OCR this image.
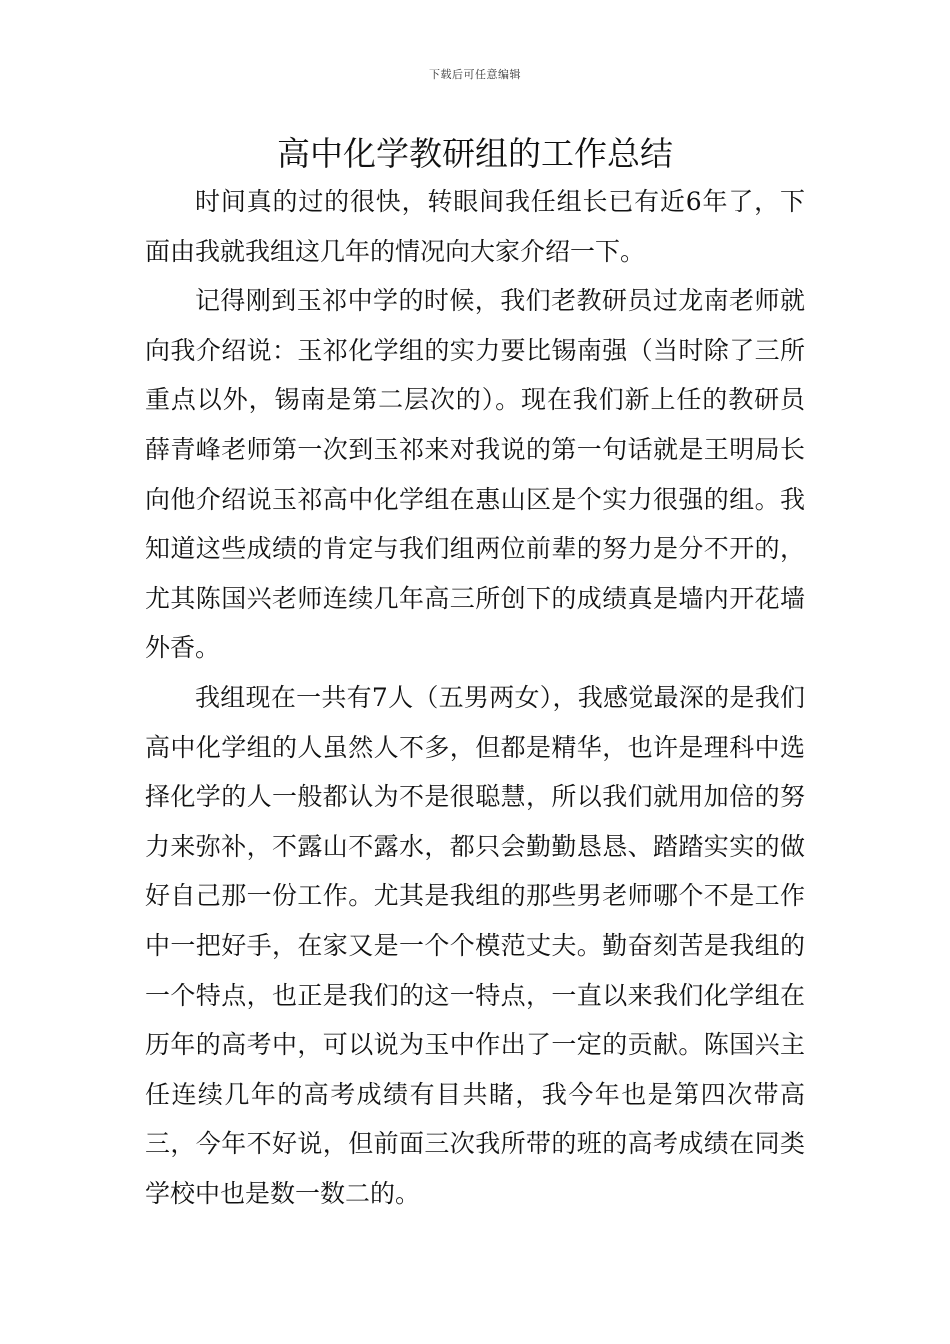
下载后可任意编辑
高中化学教研组的工作总结

时间真的过的很快，转眼间我任组长已有近6年了，下面由我就我组这几年的情况向大家介绍一下。

记得刚到玉祁中学的时候，我们老教研员过龙南老师就向我介绍说：玉祁化学组的实力要比锡南强（当时除了三所重点以外，锡南是第二层次的）。现在我们新上任的教研员薛青峰老师第一次到玉祁来对我说的第一句话就是王明局长向他介绍说玉祁高中化学组在惠山区是个实力很强的组。我知道这些成绩的肯定与我们组两位前辈的努力是分不开的，尤其陈国兴老师连续几年高三所创下的成绩真是墙内开花墙外香。

我组现在一共有7人（五男两女），我感觉最深的是我们高中化学组的人虽然人不多，但都是精华，也许是理科中选择化学的人一般都认为不是很聪慧，所以我们就用加倍的努力来弥补，不露山不露水，都只会勤勤恳恳、踏踏实实的做好自己那一份工作。尤其是我组的那些男老师哪个不是工作中一把好手，在家又是一个个模范丈夫。勤奋刻苦是我组的一个特点，也正是我们的这一特点，一直以来我们化学组在历年的高考中，可以说为玉中作出了一定的贡献。陈国兴主任连续几年的高考成绩有目共睹，我今年也是第四次带高三，今年不好说，但前面三次我所带的班的高考成绩在同类学校中也是数一数二的。
